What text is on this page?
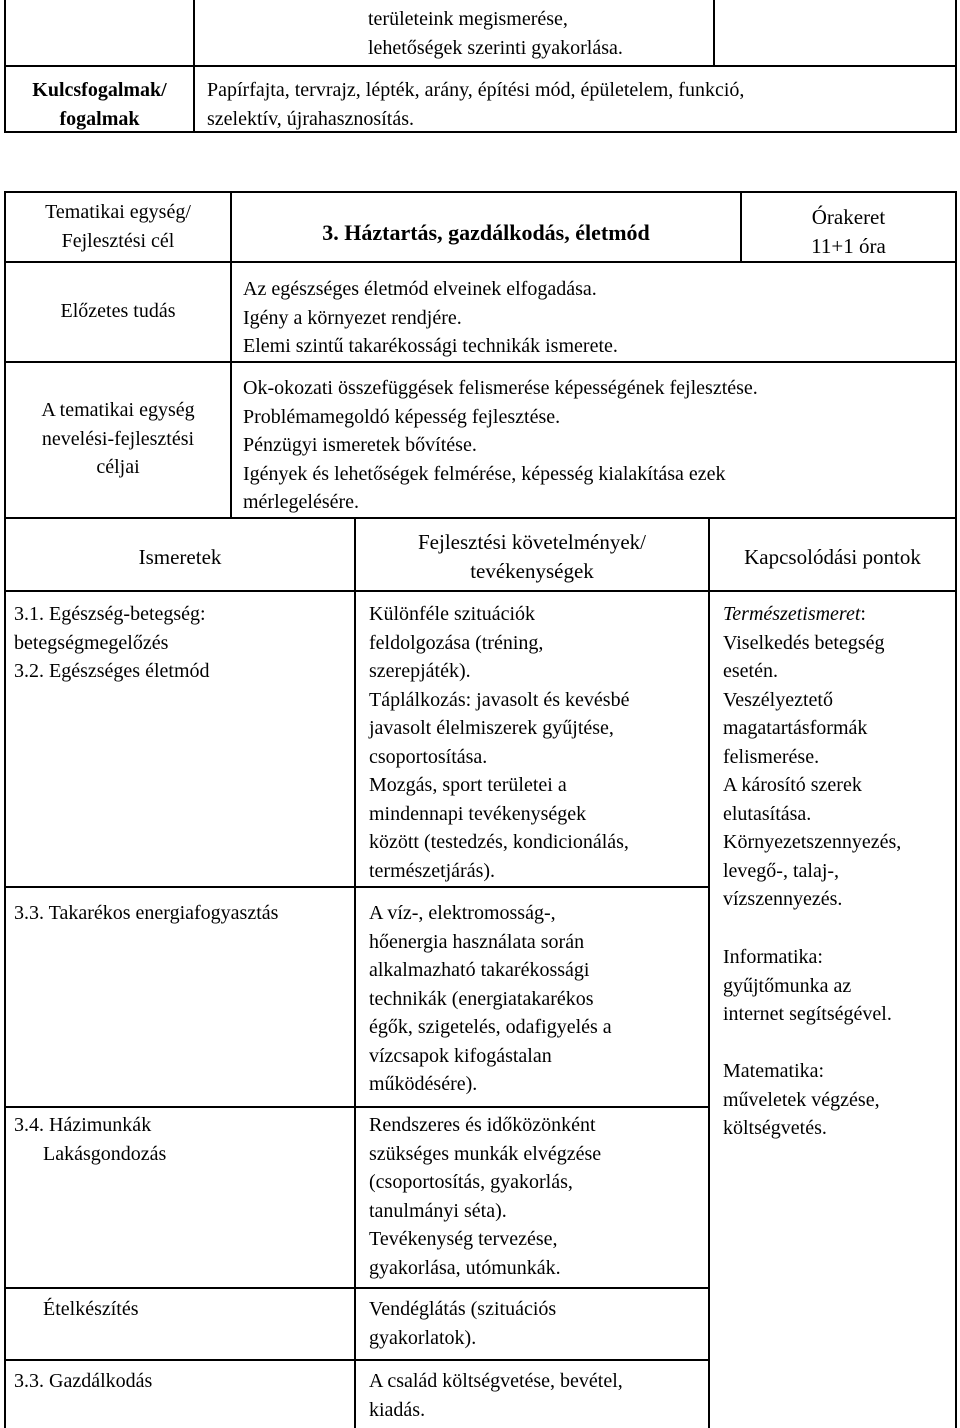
területeink megismerése,
lehetőségek szerinti gyakorlása.
Kulcsfogalmak/
fogalmak
Papírfajta, tervrajz, lépték, arány, építési mód, épületelem, funkció,
szelektív, újrahasznosítás.
Tematikai egység/
Fejlesztési cél	3. Háztartás, gazdálkodás, életmód
Órakeret
11+1 óra
Előzetes tudás
Az egészséges életmód elveinek elfogadása.
Igény a környezet rendjére.
Elemi szintű takarékossági technikák ismerete.
A tematikai egység
nevelési-fejlesztési
céljai
Ok-okozati összefüggések felismerése képességének fejlesztése.
Problémamegoldó képesség fejlesztése.
Pénzügyi ismeretek bővítése.
Igények és lehetőségek felmérése, képesség kialakítása ezek
mérlegelésére.
Ismeretek
Fejlesztési követelmények/
tevékenységek
Kapcsolódási pontok
3.1. Egészség-betegség:
betegségmegelőzés
3.2. Egészséges életmód
3.3. Takarékos energiafogyasztás
3.4. Házimunkák
Lakásgondozás
Ételkészítés
3.3. Gazdálkodás
Különféle szituációk
feldolgozása (tréning,
szerepjáték).
Táplálkozás: javasolt és kevésbé
javasolt élelmiszerek gyűjtése,
csoportosítása.
Mozgás, sport területei a
mindennapi tevékenységek
között (testedzés, kondicionálás,
természetjárás).
A víz-, elektromosság-,
hőenergia használata során
alkalmazható takarékossági
technikák (energiatakarékos
égők, szigetelés, odafigyelés a
vízcsapok kifogástalan
működésére).
Rendszeres és időközönként
szükséges munkák elvégzése
(csoportosítás, gyakorlás,
tanulmányi séta).
Tevékenység tervezése,
gyakorlása, utómunkák.
Vendéglátás (szituációs
gyakorlatok).
A család költségvetése, bevétel,
kiadás.
Természetismeret:
Viselkedés betegség
esetén.
Veszélyeztető
magatartásformák
felismerése.
A károsító szerek
elutasítása.
Környezetszennyezés,
levegő-, talaj-,
vízszennyezés.
Informatika:
gyűjtőmunka az
internet segítségével.
Matematika:
műveletek végzése,
költségvetés.
